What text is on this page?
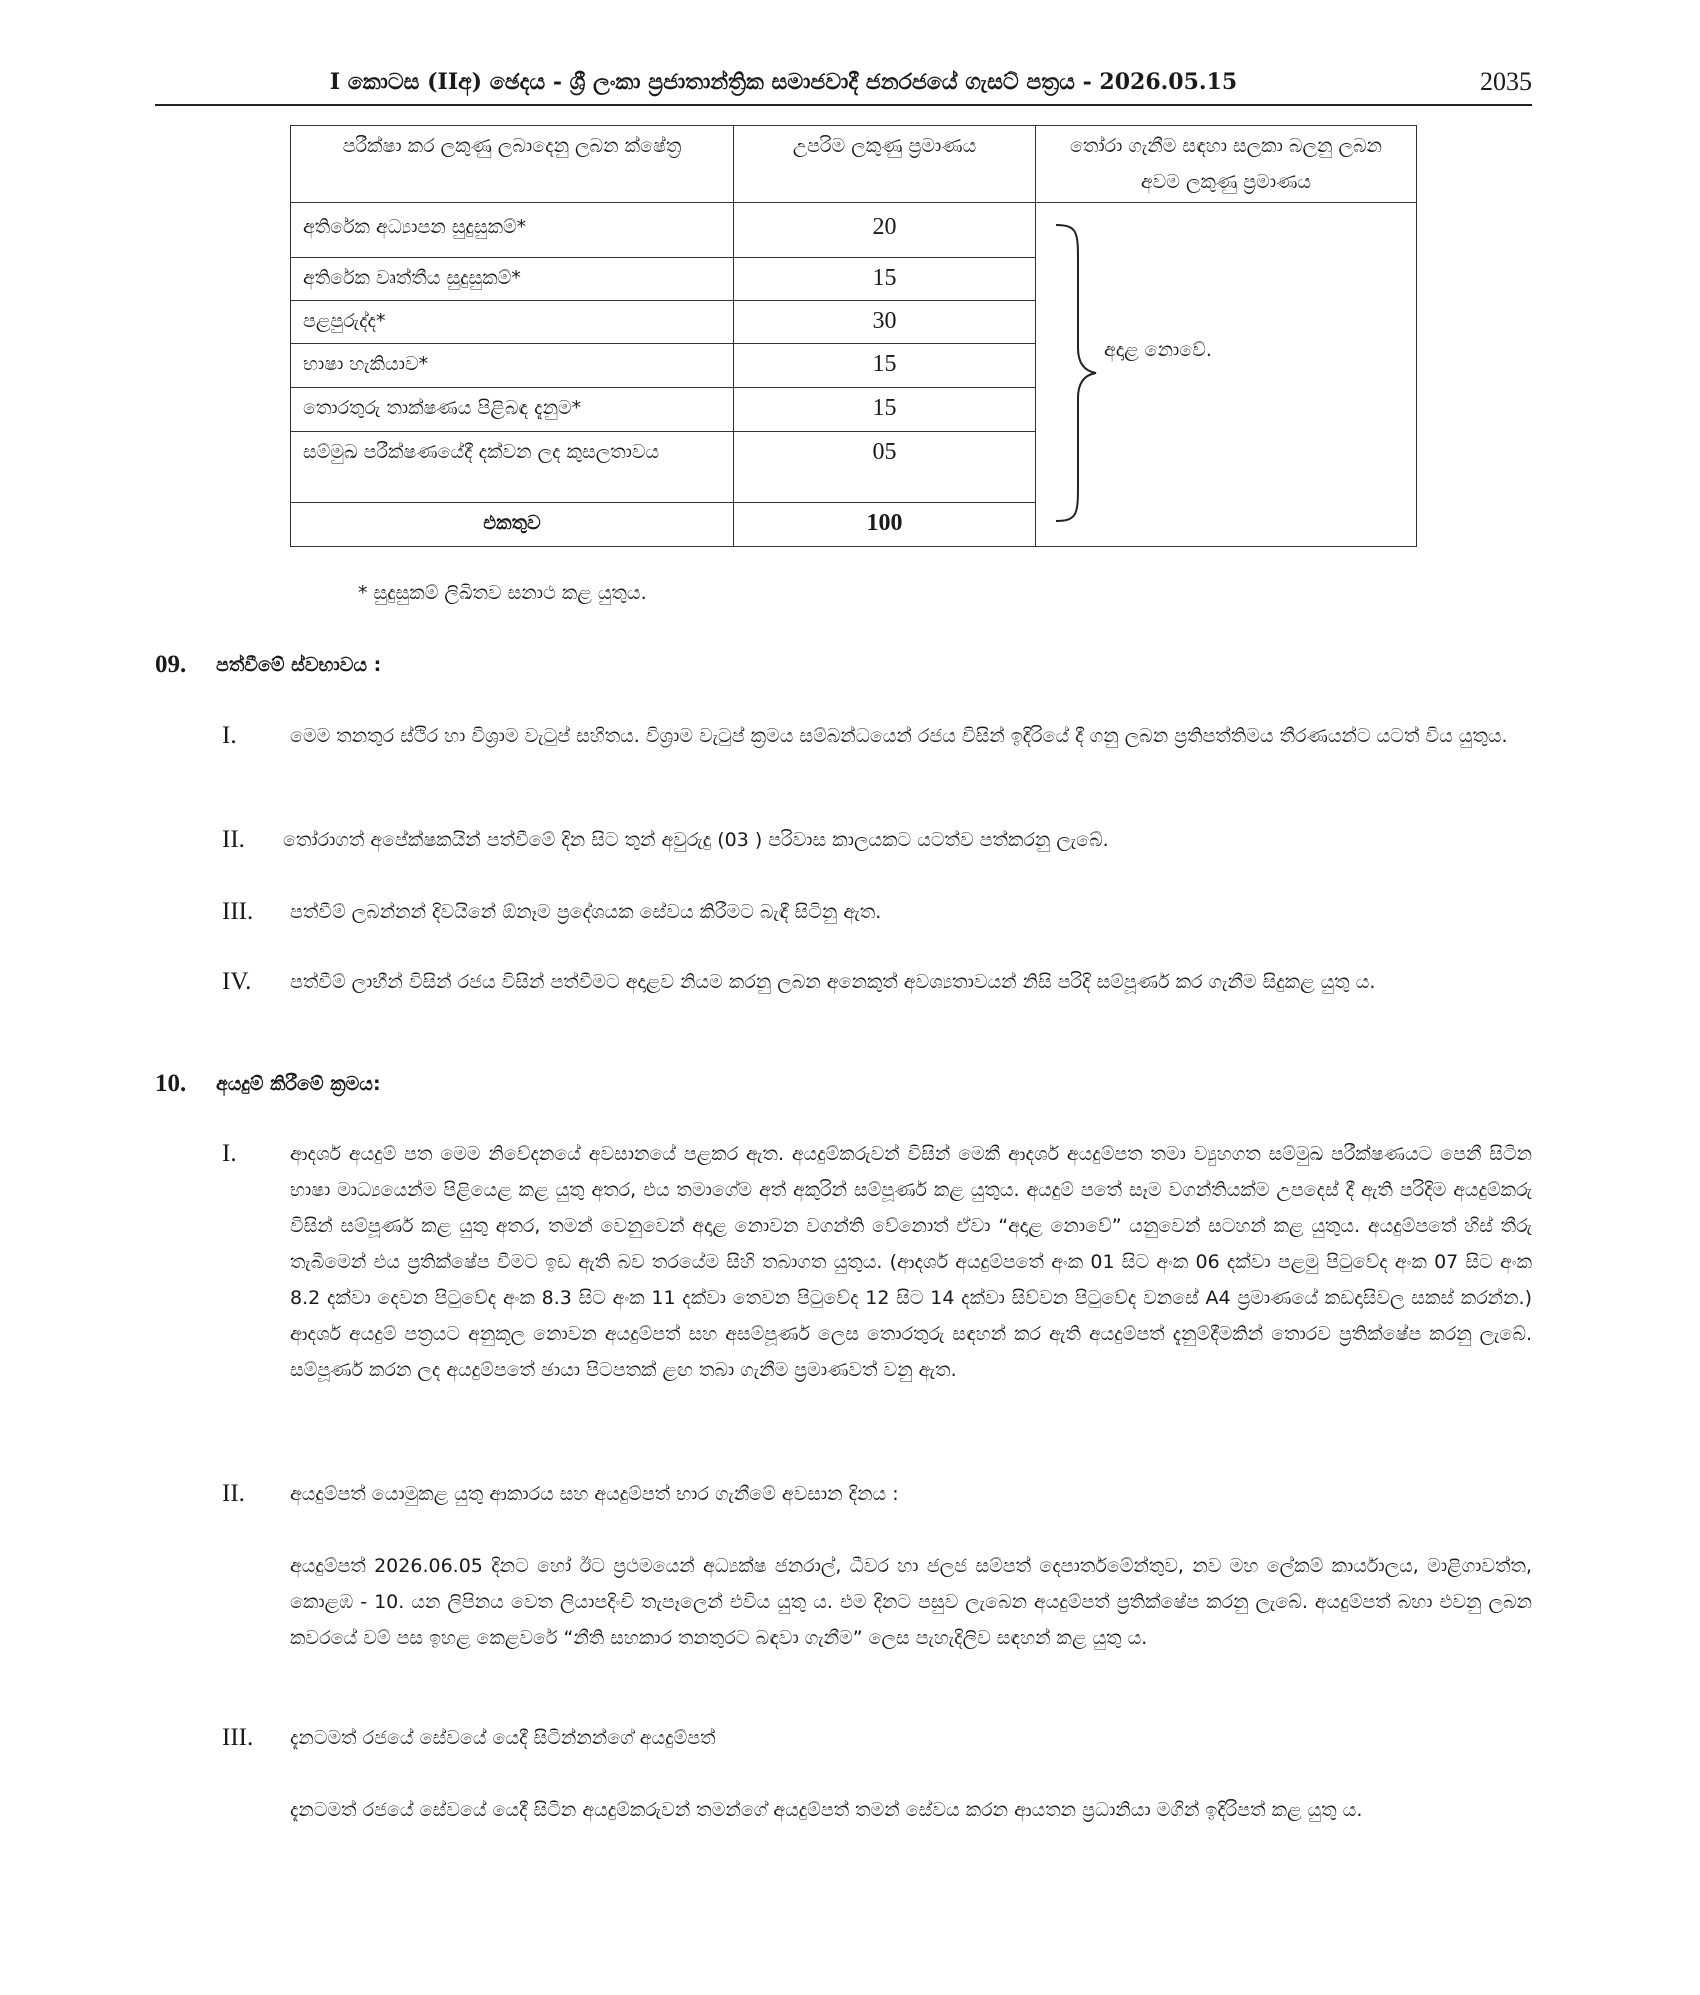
I කොටස (IIඅ) ඡෙදය - ශ්‍රී ලංකා ප්‍රජාතාන්ත්‍රික සමාජවාදී ජනරජයේ ගැසට් පත්‍රය - 2026.05.15	2035
පරීක්ෂා කර ලකුණු ලබාදෙනු ලබන ක්ෂේත්‍ර	උපරිම ලකුණු ප්‍රමාණය	තෝරා ගැනීම සඳහා සලකා බලනු ලබන අවම ලකුණු ප්‍රමාණය
අතිරේක අධ්‍යාපන සුදුසුකම්*	20	අදාළ නොවේ.

අතිරේක වෘත්තීය සුදුසුකම්*	15	
පළපුරුද්ද*	30	
භාෂා හැකියාව*	15	
තොරතුරු තාක්ෂණය පිළිබඳ දැනුම*	15	
සම්මුඛ පරීක්ෂණයේදී දක්වන ලද කුසලතාවය	05	
එකතුව	100	
* සුදුසුකම් ලිඛිතව සනාථ කළ යුතුය.
09. පත්වීමේ ස්වභාවය :
I.	මෙම තනතුර ස්ථිර හා විශ්‍රාම වැටුප් සහිතය. විශ්‍රාම වැටුප් ක්‍රමය සම්බන්ධයෙන් රජය විසින් ඉදිරියේ දී ගනු ලබන ප්‍රතිපත්තිමය තීරණයන්ට යටත් විය යුතුය.
II. තෝරාගත් අපේක්ෂකයින් පත්වීමේ දින සිට තුන් අවුරුදු (03 ) පරිවාස කාලයකට යටත්ව පත්කරනු ලැබේ.
III. පත්වීම් ලබන්නන් දිවයිනේ ඕනෑම ප්‍රදේශයක සේවය කිරීමට බැඳී සිටිනු ඇත.
IV. පත්වීම් ලාභීන් විසින් රජය විසින් පත්වීමට අදාළව නියම කරනු ලබන අනෙකුත් අවශ්‍යතාවයන් නිසි පරිදි සම්පූර්ණ කර ගැනීම සිදුකළ යුතු ය.
10. අයදුම් කිරීමේ ක්‍රමය:
I.	ආදර්ශ අයදුම් පත මෙම නිවේදනයේ අවසානයේ පළකර ඇත. අයදුම්කරුවන් විසින් මෙකී ආදර්ශ අයදුම්පත තමා ව්‍යුහගත සම්මුඛ පරීක්ෂණයට පෙනී සිටින භාෂා මාධ්‍යයෙන්ම පිළියෙළ කළ යුතු අතර, එය තමාගේම අත් අකුරින් සම්පූර්ණ කළ යුතුය. අයදුම් පතේ සෑම වගන්තියක්ම උපදෙස් දී ඇති පරිදිම අයදුම්කරු විසින් සම්පූර්ණ කළ යුතු අතර, තමන් වෙනුවෙන් අදාළ නොවන වගන්ති වේනොත් ඒවා “අදාළ නොවේ” යනුවෙන් සටහන් කළ යුතුය. අයදුම්පතේ හිස් තීරු තැබීමෙන් එය ප්‍රතික්ෂේප වීමට ඉඩ ඇති බව තරයේම සිහි තබාගත යුතුය. (ආදර්ශ අයදුම්පතේ අංක 01 සිට අංක 06 දක්වා පළමු පිටුවේද අංක 07 සිට අංක 8.2 දක්වා දෙවන පිටුවේද අංක 8.3 සිට අංක 11 දක්වා තෙවන පිටුවේද 12 සිට 14 දක්වා සිව්වන පිටුවේද වනසේ A4 ප්‍රමාණයේ කඩදාසිවල සකස් කරන්න.) ආදර්ශ අයදුම් පත්‍රයට අනුකූල නොවන අයදුම්පත් සහ අසම්පූර්ණ ලෙස තොරතුරු සඳහන් කර ඇති අයදුම්පත් දැනුම්දීමකින් තොරව ප්‍රතික්ෂේප කරනු ලැබේ. සම්පූර්ණ කරන ලද අයදුම්පතේ ඡායා පිටපතක් ළඟ තබා ගැනීම ප්‍රමාණවත් වනු ඇත.
II. අයදුම්පත් යොමුකළ යුතු ආකාරය සහ අයදුම්පත් භාර ගැනීමේ අවසාන දිනය :
අයදුම්පත් 2026.06.05 දිනට හෝ ඊට ප්‍රථමයෙන් අධ්‍යක්ෂ ජනරාල්, ධීවර හා ජලජ සම්පත් දෙපාර්තමේන්තුව, නව මහ ලේකම් කාර්යාලය, මාළිගාවත්ත, කොළඹ - 10. යන ලිපිනය වෙත ලියාපදිංචි තැපෑලෙන් එවිය යුතු ය. එම දිනට පසුව ලැබෙන අයදුම්පත් ප්‍රතික්ෂේප කරනු ලැබේ. අයදුම්පත් බහා එවනු ලබන කවරයේ වම් පස ඉහළ කෙළවරේ “නීති සහකාර තනතුරට බඳවා ගැනීම” ලෙස පැහැදිලිව සඳහන් කළ යුතු ය.
III. දැනටමත් රජයේ සේවයේ යෙදී සිටින්නන්ගේ අයදුම්පත්
දැනටමත් රජයේ සේවයේ යෙදී සිටින අයදුම්කරුවන් තමන්ගේ අයදුම්පත් තමන් සේවය කරන ආයතන ප්‍රධානියා මගින් ඉදිරිපත් කළ යුතු ය.
